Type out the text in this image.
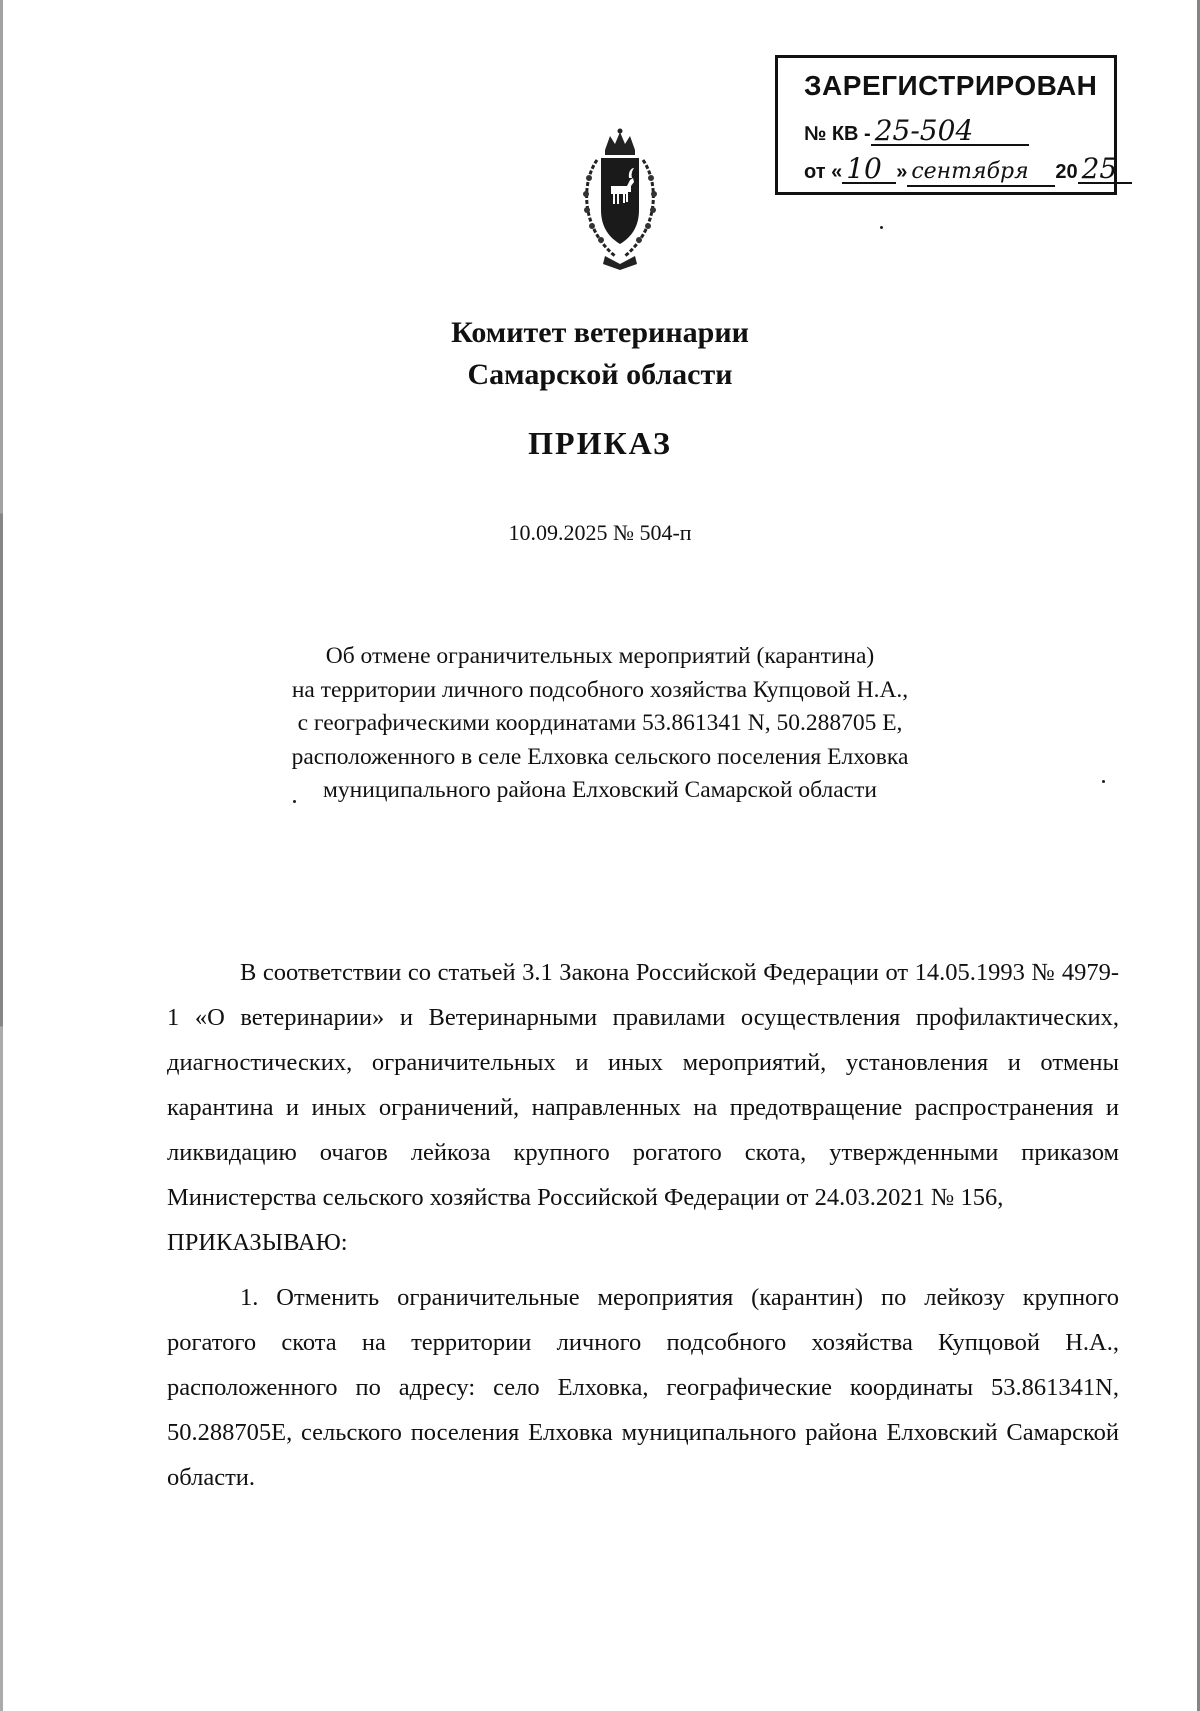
ЗАРЕГИСТРИРОВАН
№ КВ - 25-504
от « 10 » сентября 20 25
Комитет ветеринарии
Самарской области
ПРИКАЗ
10.09.2025 № 504-п
Об отмене ограничительных мероприятий (карантина)
на территории личного подсобного хозяйства Купцовой Н.А.,
с географическими координатами 53.861341 N, 50.288705 E,
расположенного в селе Елховка сельского поселения Елховка
муниципального района Елховский Самарской области

В соответствии со статьей 3.1 Закона Российской Федерации от 14.05.1993 № 4979-1 «О ветеринарии» и Ветеринарными правилами осуществления профилактических, диагностических, ограничительных и иных мероприятий, установления и отмены карантина и иных ограничений, направленных на предотвращение распространения и ликвидацию очагов лейкоза крупного рогатого скота, утвержденными приказом Министерства сельского хозяйства Российской Федерации от 24.03.2021 № 156,

ПРИКАЗЫВАЮ:

1. Отменить ограничительные мероприятия (карантин) по лейкозу крупного рогатого скота на территории личного подсобного хозяйства Купцовой Н.А., расположенного по адресу: село Елховка, географические координаты 53.861341N, 50.288705E, сельского поселения Елховка муниципального района Елховский Самарской области.
